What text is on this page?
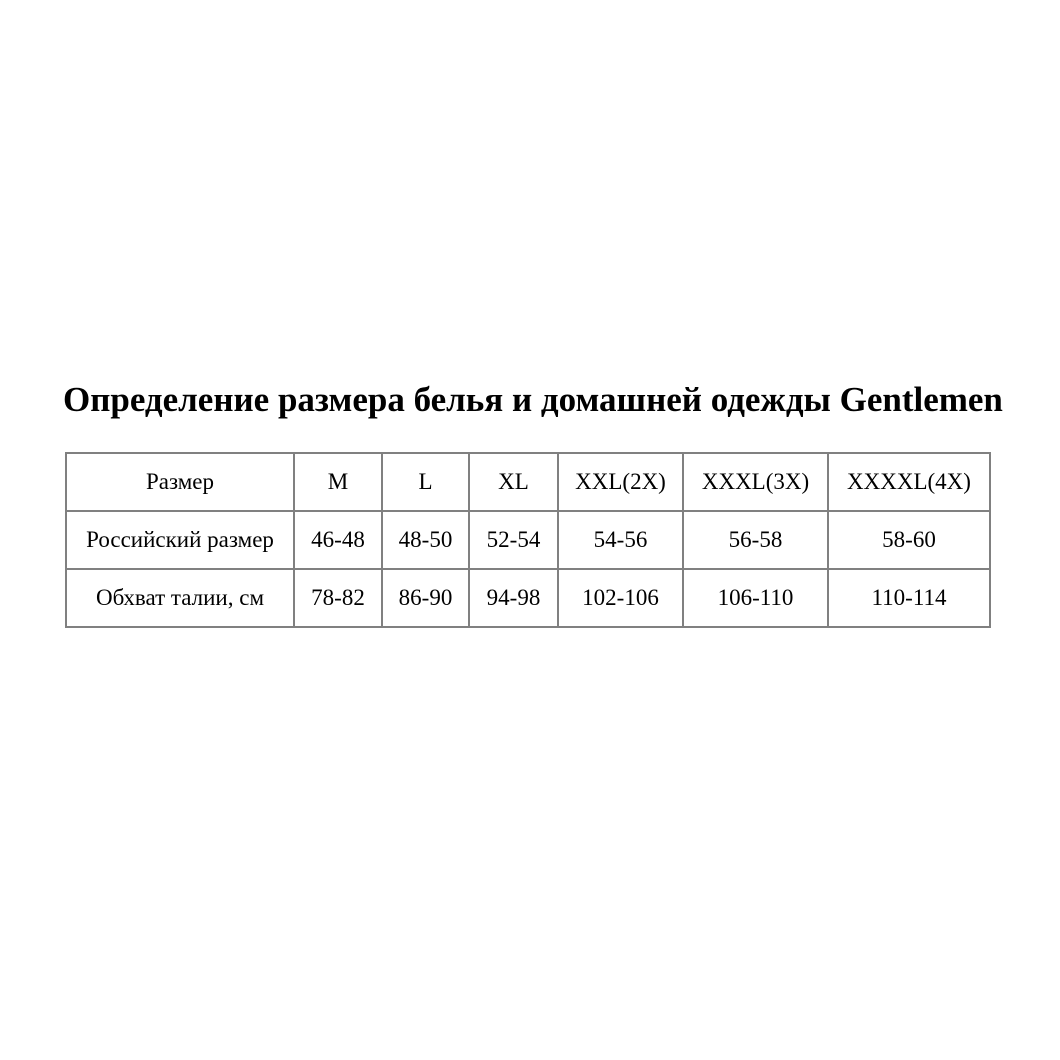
Определение размера белья и домашней одежды Gentlemen
Размер	M	L	XL	XXL(2X)	XXXL(3X)	XXXXL(4X)
Российский размер	46-48	48-50	52-54	54-56	56-58	58-60
Обхват талии, см	78-82	86-90	94-98	102-106	106-110	110-114
